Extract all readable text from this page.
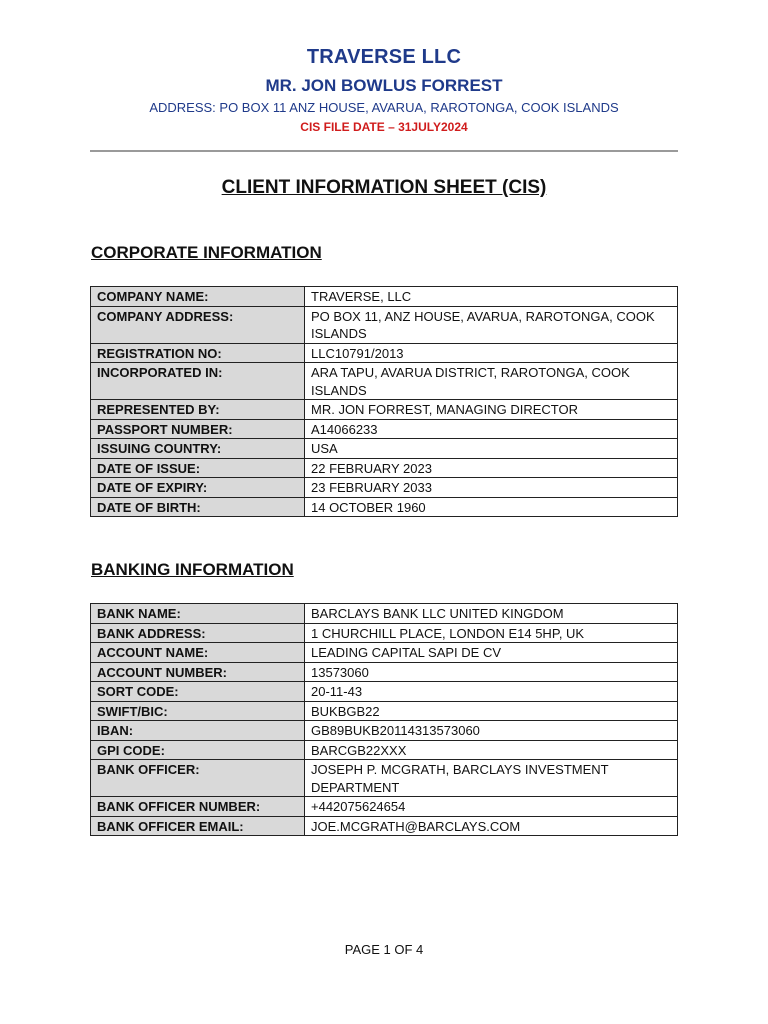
TRAVERSE LLC
MR. JON BOWLUS FORREST
ADDRESS: PO BOX 11 ANZ HOUSE, AVARUA, RAROTONGA, COOK ISLANDS
CIS FILE DATE – 31JULY2024
CLIENT INFORMATION SHEET (CIS)
CORPORATE INFORMATION
COMPANY NAME:	TRAVERSE, LLC
COMPANY ADDRESS:	PO BOX 11, ANZ HOUSE, AVARUA, RAROTONGA, COOK ISLANDS
REGISTRATION NO:	LLC10791/2013
INCORPORATED IN:	ARA TAPU, AVARUA DISTRICT, RAROTONGA, COOK ISLANDS
REPRESENTED BY:	MR. JON FORREST, MANAGING DIRECTOR
PASSPORT NUMBER:	A14066233
ISSUING COUNTRY:	USA
DATE OF ISSUE:	22 FEBRUARY 2023
DATE OF EXPIRY:	23 FEBRUARY 2033
DATE OF BIRTH:	14 OCTOBER 1960
BANKING INFORMATION
BANK NAME:	BARCLAYS BANK LLC UNITED KINGDOM
BANK ADDRESS:	1 CHURCHILL PLACE, LONDON E14 5HP, UK
ACCOUNT NAME:	LEADING CAPITAL SAPI DE CV
ACCOUNT NUMBER:	13573060
SORT CODE:	20-11-43
SWIFT/BIC:	BUKBGB22
IBAN:	GB89BUKB20114313573060
GPI CODE:	BARCGB22XXX
BANK OFFICER:	JOSEPH P. MCGRATH, BARCLAYS INVESTMENT DEPARTMENT
BANK OFFICER NUMBER:	+442075624654
BANK OFFICER EMAIL:	JOE.MCGRATH@BARCLAYS.COM
PAGE 1 OF 4
